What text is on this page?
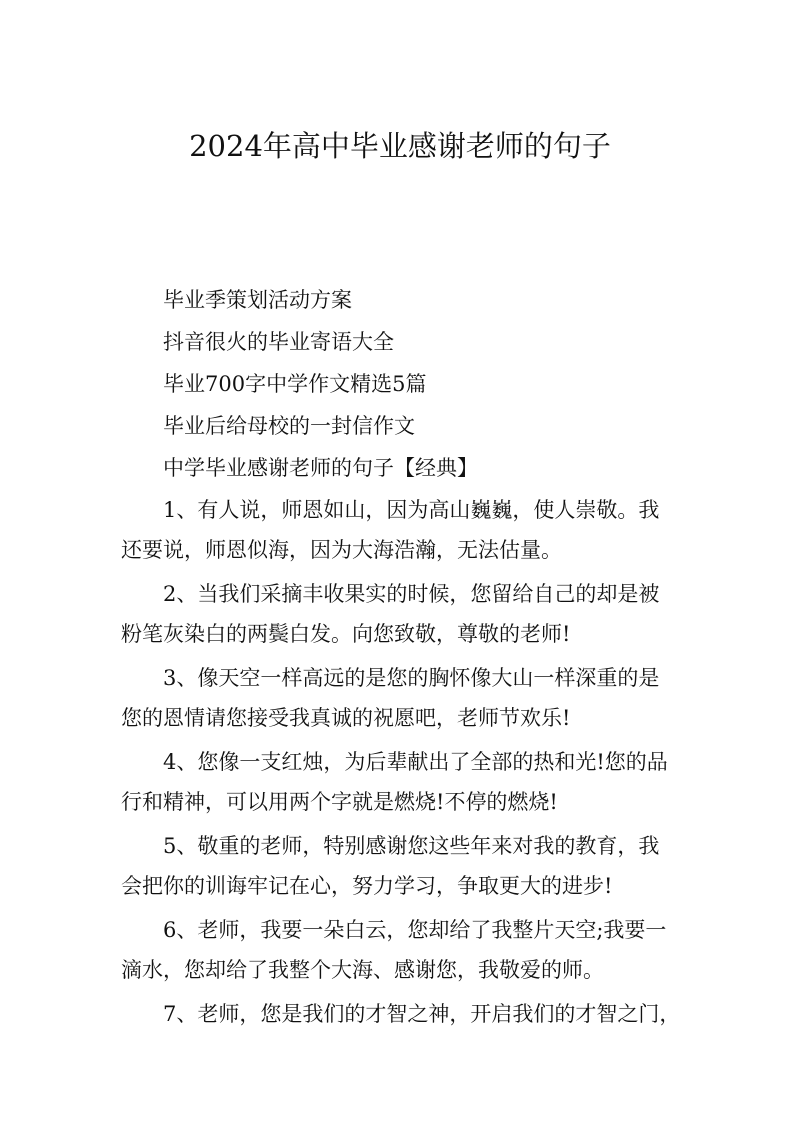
2024年高中毕业感谢老师的句子
毕业季策划活动方案
抖音很火的毕业寄语大全
毕业700字中学作文精选5篇
毕业后给母校的一封信作文
中学毕业感谢老师的句子【经典】
1、有人说，师恩如山，因为高山巍巍，使人崇敬。我
还要说，师恩似海，因为大海浩瀚，无法估量。
2、当我们采摘丰收果实的时候，您留给自己的却是被
粉笔灰染白的两鬓白发。向您致敬，尊敬的老师!
3、像天空一样高远的是您的胸怀像大山一样深重的是
您的恩情请您接受我真诚的祝愿吧，老师节欢乐!
4、您像一支红烛，为后辈献出了全部的热和光!您的品
行和精神，可以用两个字就是燃烧!不停的燃烧!
5、敬重的老师，特别感谢您这些年来对我的教育，我
会把你的训诲牢记在心，努力学习，争取更大的进步!
6、老师，我要一朵白云，您却给了我整片天空;我要一
滴水，您却给了我整个大海、感谢您，我敬爱的师。
7、老师，您是我们的才智之神，开启我们的才智之门，
